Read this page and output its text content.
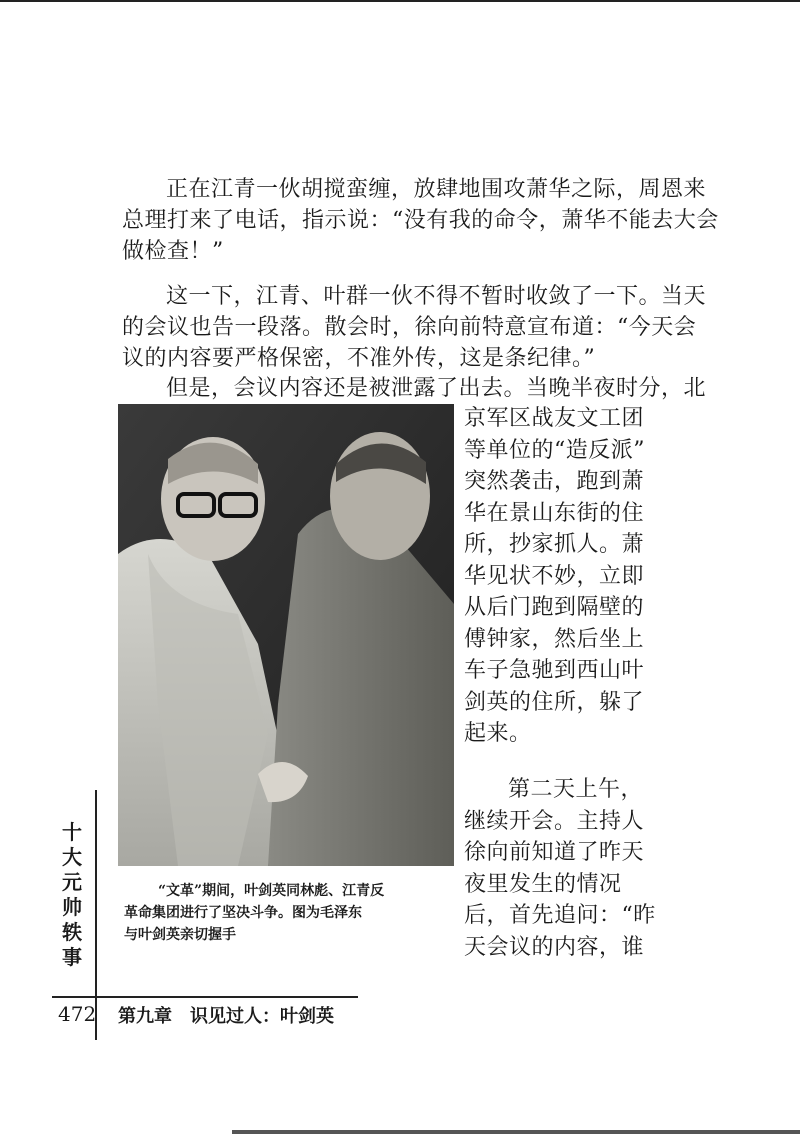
正在江青一伙胡搅蛮缠，放肆地围攻萧华之际，周恩来
总理打来了电话，指示说：“没有我的命令，萧华不能去大会
做检查！”

这一下，江青、叶群一伙不得不暂时收敛了一下。当天
的会议也告一段落。散会时，徐向前特意宣布道：“今天会
议的内容要严格保密，不准外传，这是条纪律。”

但是，会议内容还是被泄露了出去。当晚半夜时分，北

京军区战友文工团
等单位的“造反派”
突然袭击，跑到萧
华在景山东街的住
所，抄家抓人。萧
华见状不妙，立即
从后门跑到隔壁的
傅钟家，然后坐上
车子急驰到西山叶
剑英的住所，躲了
起来。

第二天上午，
继续开会。主持人
徐向前知道了昨天
夜里发生的情况
后，首先追问：“昨
天会议的内容，谁

“文革”期间，叶剑英同林彪、江青反
革命集团进行了坚决斗争。图为毛泽东
与叶剑英亲切握手

十
大
元
帅
轶
事

472 第九章　识见过人：叶剑英
